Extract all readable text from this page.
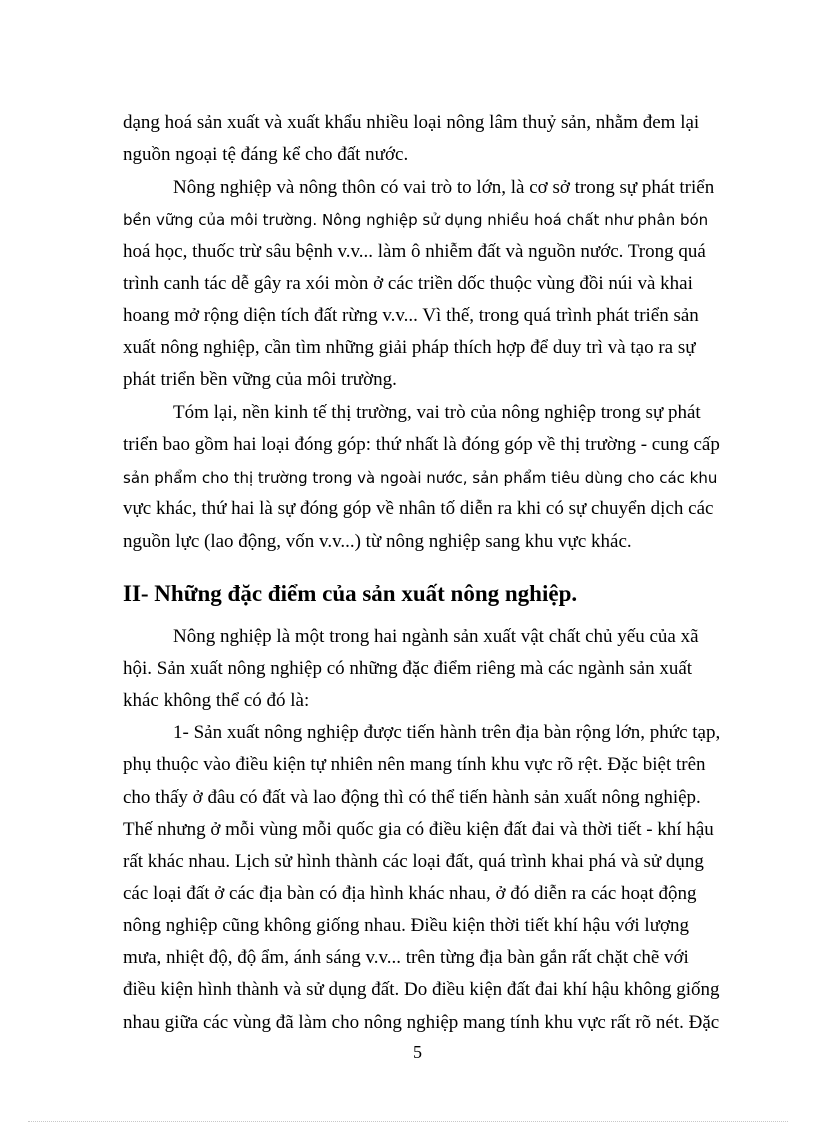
dạng hoá sản xuất và xuất khẩu nhiều loại nông lâm thuỷ sản, nhằm đem lại
nguồn ngoại tệ đáng kể cho đất nước.
Nông nghiệp và nông thôn có vai trò to lớn, là cơ sở trong sự phát triển
bền vững của môi trường. Nông nghiệp sử dụng nhiều hoá chất như phân bón
hoá học, thuốc trừ sâu bệnh v.v... làm ô nhiễm đất và nguồn nước. Trong quá
trình canh tác dễ gây ra xói mòn ở các triền dốc thuộc vùng đồi núi và khai
hoang mở rộng diện tích đất rừng v.v... Vì thế, trong quá trình phát triển sản
xuất nông nghiệp, cần tìm những giải pháp thích hợp để duy trì và tạo ra sự
phát triển bền vững của môi trường.
Tóm lại, nền kinh tế thị trường, vai trò của nông nghiệp trong sự phát
triển bao gồm hai loại đóng góp: thứ nhất là đóng góp về thị trường - cung cấp
sản phẩm cho thị trường trong và ngoài nước, sản phẩm tiêu dùng cho các khu
vực khác, thứ hai là sự đóng góp về nhân tố diễn ra khi có sự chuyển dịch các
nguồn lực (lao động, vốn v.v...) từ nông nghiệp sang khu vực khác.
II- Những đặc điểm của sản xuất nông nghiệp.
Nông nghiệp là một trong hai ngành sản xuất vật chất chủ yếu của xã
hội. Sản xuất nông nghiệp có những đặc điểm riêng mà các ngành sản xuất
khác không thể có đó là:
1- Sản xuất nông nghiệp được tiến hành trên địa bàn rộng lớn, phức tạp,
phụ thuộc vào điều kiện tự nhiên nên mang tính khu vực rõ rệt. Đặc biệt trên
cho thấy ở đâu có đất và lao động thì có thể tiến hành sản xuất nông nghiệp.
Thế nhưng ở mỗi vùng mỗi quốc gia có điều kiện đất đai và thời tiết - khí hậu
rất khác nhau. Lịch sử hình thành các loại đất, quá trình khai phá và sử dụng
các loại đất ở các địa bàn có địa hình khác nhau, ở đó diễn ra các hoạt động
nông nghiệp cũng không giống nhau. Điều kiện thời tiết khí hậu với lượng
mưa, nhiệt độ, độ ẩm, ánh sáng v.v... trên từng địa bàn gắn rất chặt chẽ với
điều kiện hình thành và sử dụng đất. Do điều kiện đất đai khí hậu không giống
nhau giữa các vùng đã làm cho nông nghiệp mang tính khu vực rất rõ nét. Đặc
5
